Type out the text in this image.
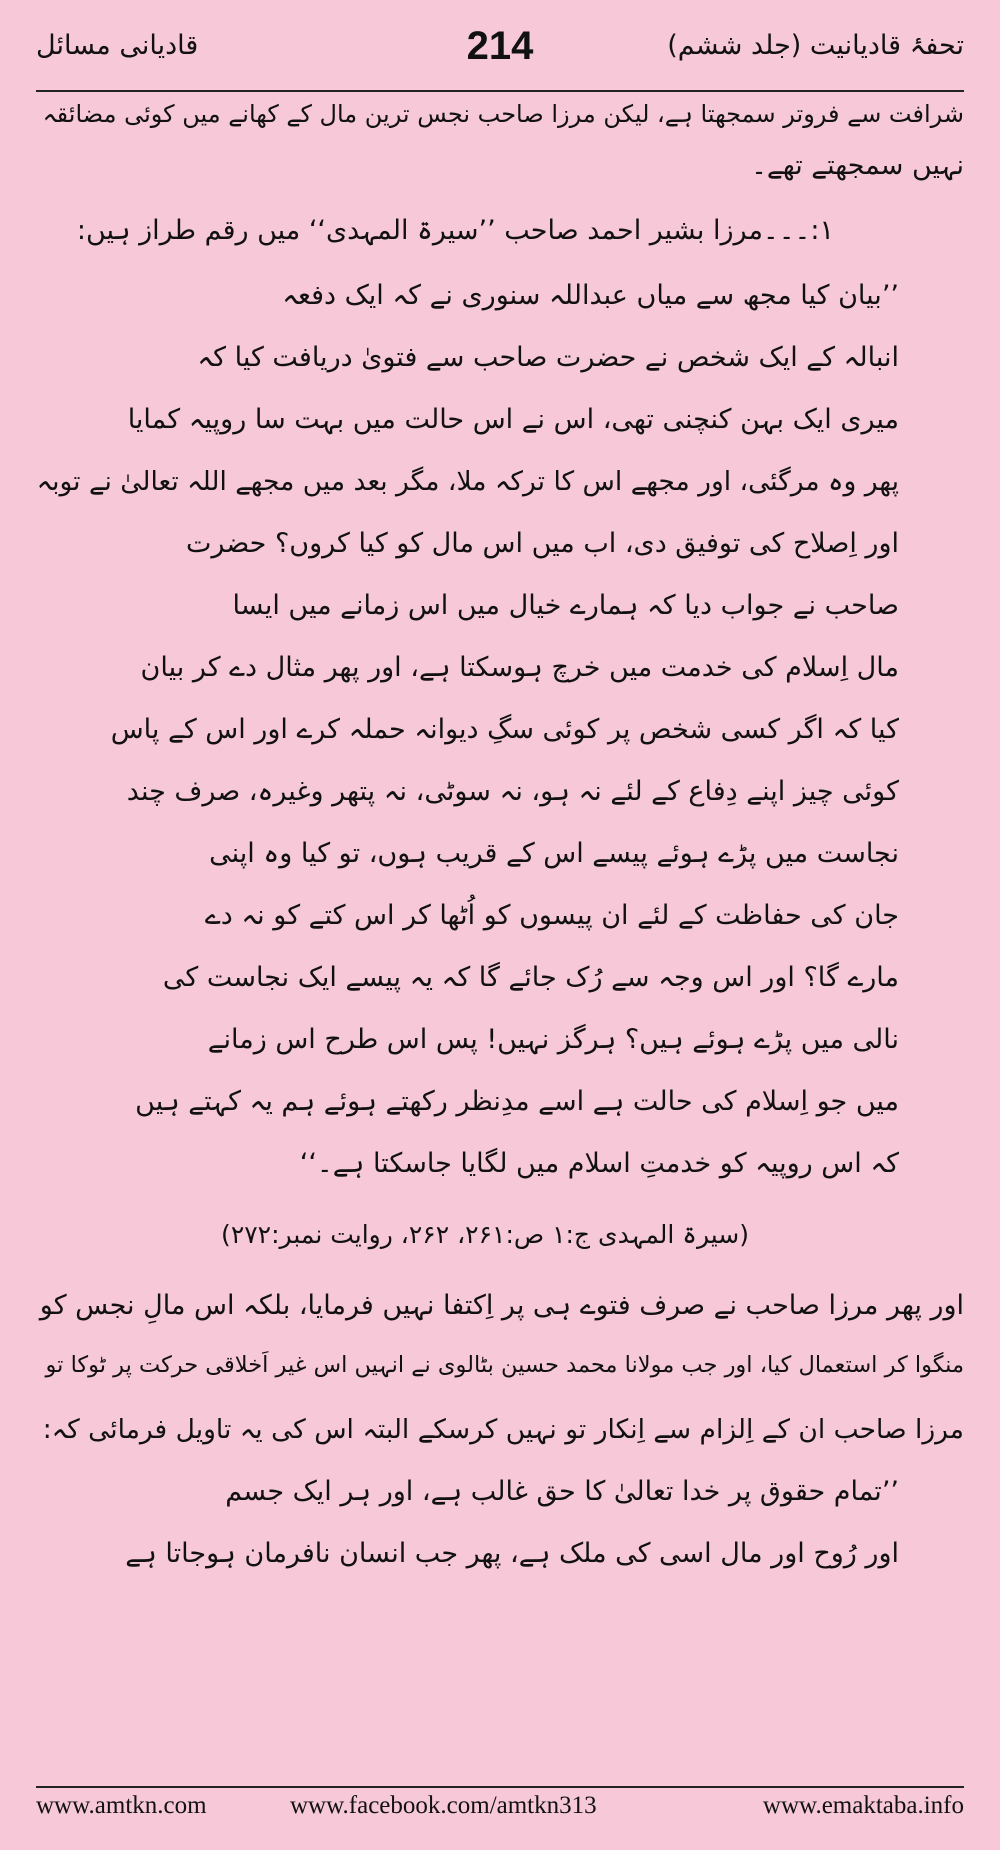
تحفۂ قادیانیت (جلد ششم)
214
قادیانی مسائل
شرافت سے فروتر سمجھتا ہے، لیکن مرزا صاحب نجس ترین مال کے کھانے میں کوئی مضائقہ
نہیں سمجھتے تھے۔
۱:۔۔۔مرزا بشیر احمد صاحب ’’سیرۃ المہدی‘‘ میں رقم طراز ہیں:
’’بیان کیا مجھ سے میاں عبداللہ سنوری نے کہ ایک دفعہ
انبالہ کے ایک شخص نے حضرت صاحب سے فتویٰ دریافت کیا کہ
میری ایک بہن کنچنی تھی، اس نے اس حالت میں بہت سا روپیہ کمایا
پھر وہ مرگئی، اور مجھے اس کا ترکہ ملا، مگر بعد میں مجھے اللہ تعالیٰ نے توبہ
اور اِصلاح کی توفیق دی، اب میں اس مال کو کیا کروں؟ حضرت
صاحب نے جواب دیا کہ ہمارے خیال میں اس زمانے میں ایسا
مال اِسلام کی خدمت میں خرچ ہوسکتا ہے، اور پھر مثال دے کر بیان
کیا کہ اگر کسی شخص پر کوئی سگِ دیوانہ حملہ کرے اور اس کے پاس
کوئی چیز اپنے دِفاع کے لئے نہ ہو، نہ سوٹی، نہ پتھر وغیرہ، صرف چند
نجاست میں پڑے ہوئے پیسے اس کے قریب ہوں، تو کیا وہ اپنی
جان کی حفاظت کے لئے ان پیسوں کو اُٹھا کر اس کتے کو نہ دے
مارے گا؟ اور اس وجہ سے رُک جائے گا کہ یہ پیسے ایک نجاست کی
نالی میں پڑے ہوئے ہیں؟ ہرگز نہیں! پس اس طرح اس زمانے
میں جو اِسلام کی حالت ہے اسے مدِنظر رکھتے ہوئے ہم یہ کہتے ہیں
کہ اس روپیہ کو خدمتِ اسلام میں لگایا جاسکتا ہے۔‘‘
(سیرۃ المہدی ج:۱ ص:۲۶۱، ۲۶۲، روایت نمبر:۲۷۲)
اور پھر مرزا صاحب نے صرف فتوے ہی پر اِکتفا نہیں فرمایا، بلکہ اس مالِ نجس کو
منگوا کر استعمال کیا، اور جب مولانا محمد حسین بٹالوی نے انہیں اس غیر اَخلاقی حرکت پر ٹوکا تو
مرزا صاحب ان کے اِلزام سے اِنکار تو نہیں کرسکے البتہ اس کی یہ تاویل فرمائی کہ:
’’تمام حقوق پر خدا تعالیٰ کا حق غالب ہے، اور ہر ایک جسم
اور رُوح اور مال اسی کی ملک ہے، پھر جب انسان نافرمان ہوجاتا ہے
www.amtkn.com	www.facebook.com/amtkn313	www.emaktaba.info
